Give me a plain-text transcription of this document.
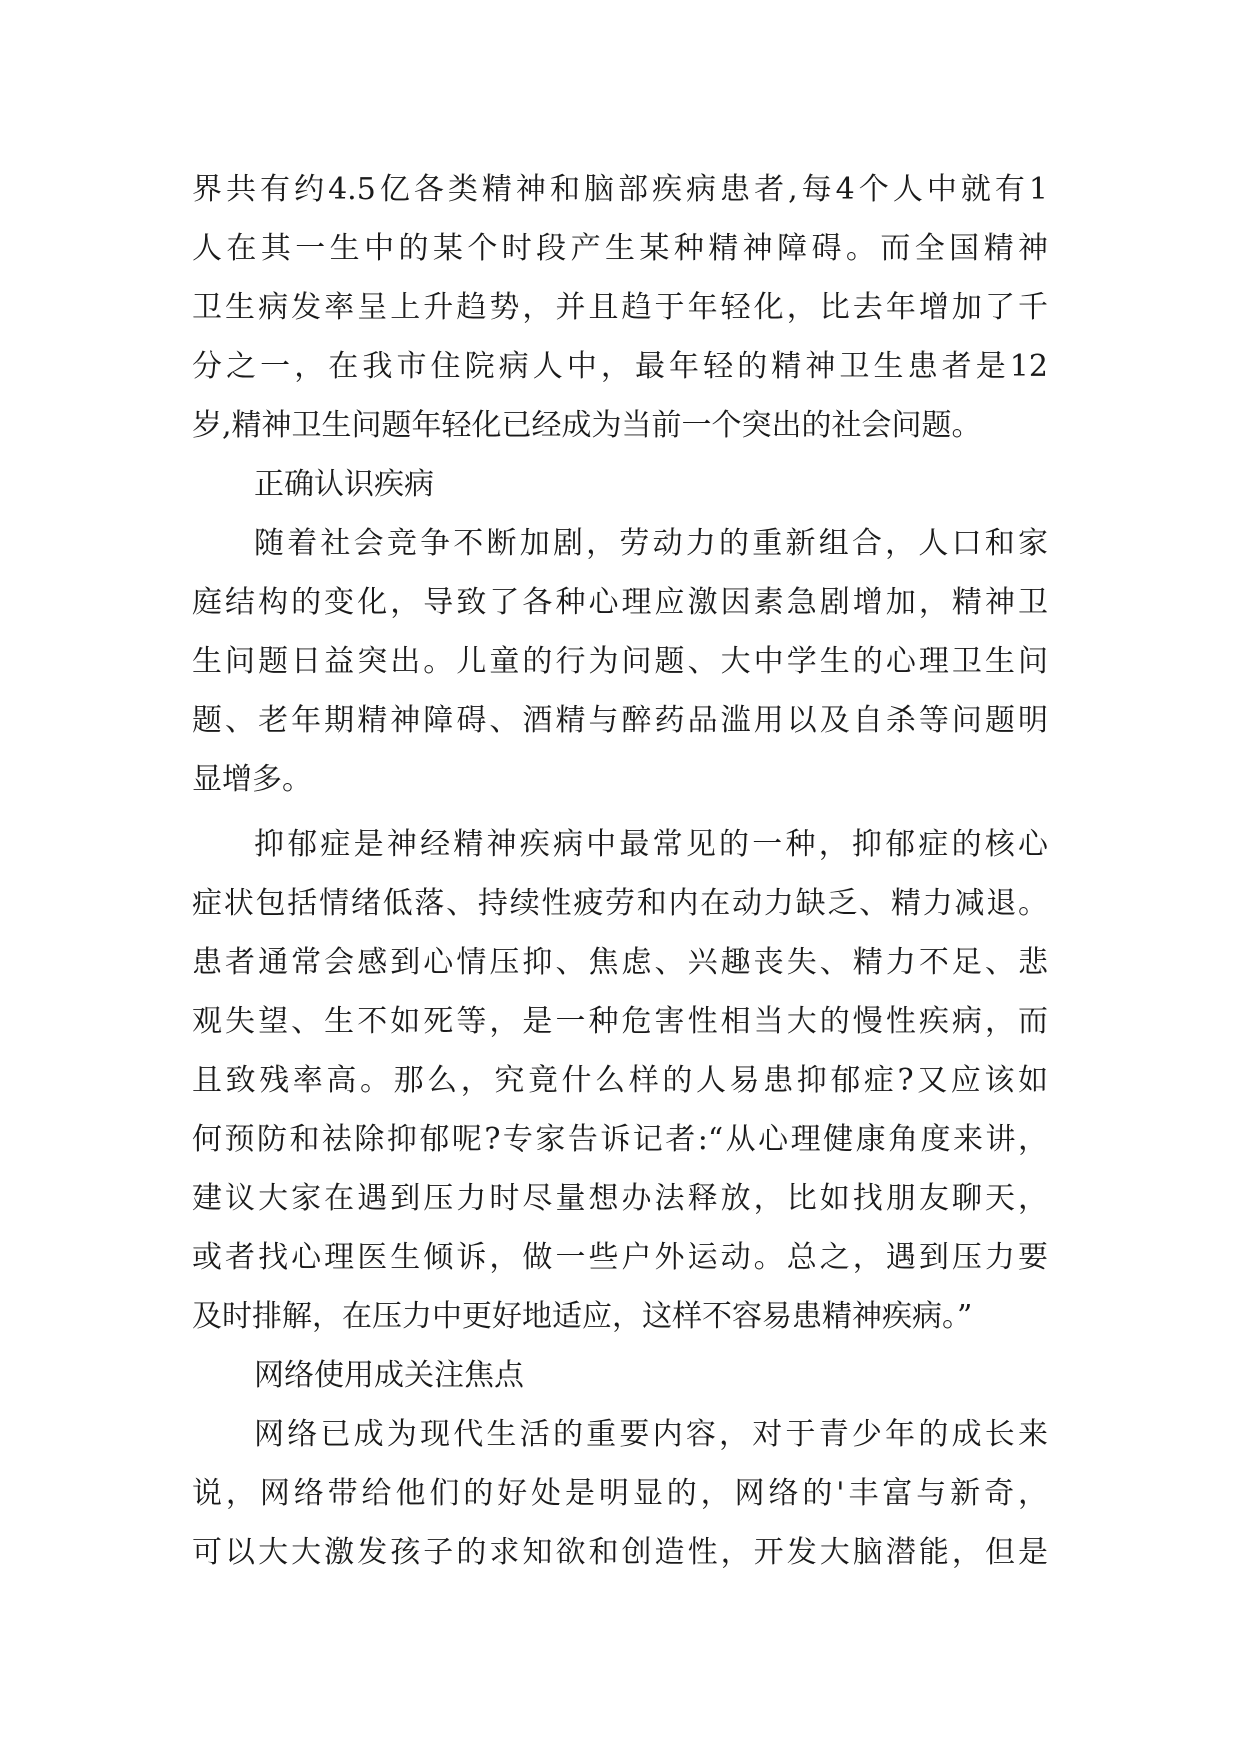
界共有约4.5亿各类精神和脑部疾病患者,每4个人中就有1
人在其一生中的某个时段产生某种精神障碍。而全国精神
卫生病发率呈上升趋势，并且趋于年轻化，比去年增加了千
分之一，在我市住院病人中，最年轻的精神卫生患者是12
岁,精神卫生问题年轻化已经成为当前一个突出的社会问题。
正确认识疾病
随着社会竞争不断加剧，劳动力的重新组合，人口和家
庭结构的变化，导致了各种心理应激因素急剧增加，精神卫
生问题日益突出。儿童的行为问题、大中学生的心理卫生问
题、老年期精神障碍、酒精与醉药品滥用以及自杀等问题明
显增多。
抑郁症是神经精神疾病中最常见的一种，抑郁症的核心
症状包括情绪低落、持续性疲劳和内在动力缺乏、精力减退。
患者通常会感到心情压抑、焦虑、兴趣丧失、精力不足、悲
观失望、生不如死等，是一种危害性相当大的慢性疾病，而
且致残率高。那么，究竟什么样的人易患抑郁症?又应该如
何预防和祛除抑郁呢?专家告诉记者:“从心理健康角度来讲，
建议大家在遇到压力时尽量想办法释放，比如找朋友聊天，
或者找心理医生倾诉，做一些户外运动。总之，遇到压力要
及时排解，在压力中更好地适应，这样不容易患精神疾病。”
网络使用成关注焦点
网络已成为现代生活的重要内容，对于青少年的成长来
说，网络带给他们的好处是明显的，网络的'丰富与新奇，
可以大大激发孩子的求知欲和创造性，开发大脑潜能，但是
